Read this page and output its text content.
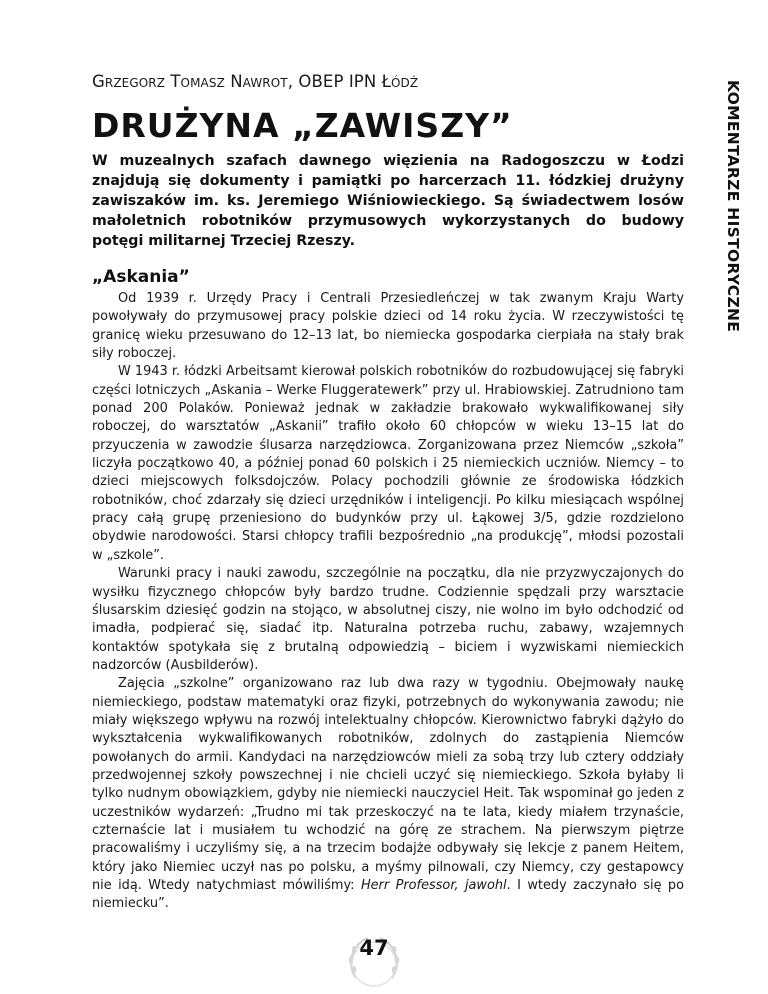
KOMENTARZE HISTORYCZNE
Grzegorz Tomasz Nawrot, OBEP IPN Łódź
DRUŻYNA „ZAWISZY”
W muzealnych szafach dawnego więzienia na Radogoszczu w Łodzi znajdują się dokumenty i pamiątki po harcerzach 11. łódzkiej drużyny zawiszaków im. ks. Jeremiego Wiśniowieckiego. Są świadectwem losów małoletnich robotników przymusowych wykorzystanych do budowy potęgi militarnej Trzeciej Rzeszy.
„Askania”

Od 1939 r. Urzędy Pracy i Centrali Przesiedleńczej w tak zwanym Kraju Warty powoływały do przymusowej pracy polskie dzieci od 14 roku życia. W rzeczywistości tę granicę wieku przesuwano do 12–13 lat, bo niemiecka gospodarka cierpiała na stały brak siły roboczej.

W 1943 r. łódzki Arbeitsamt kierował polskich robotników do rozbudowującej się fabryki części lotniczych „Askania – Werke Fluggeratewerk” przy ul. Hrabiowskiej. Zatrudniono tam ponad 200 Polaków. Ponieważ jednak w zakładzie brakowało wykwalifikowanej siły roboczej, do warsztatów „Askanii” trafiło około 60 chłopców w wieku 13–15 lat do przyuczenia w zawodzie ślusarza narzędziowca. Zorganizowana przez Niemców „szkoła” liczyła początkowo 40, a później ponad 60 polskich i 25 niemieckich uczniów. Niemcy – to dzieci miejscowych folksdojczów. Polacy pochodzili głównie ze środowiska łódzkich robotników, choć zdarzały się dzieci urzędników i inteligencji. Po kilku miesiącach wspólnej pracy całą grupę przeniesiono do budynków przy ul. Łąkowej 3/5, gdzie rozdzielono obydwie narodowości. Starsi chłopcy trafili bezpośrednio „na produkcję”, młodsi pozostali w „szkole”.

Warunki pracy i nauki zawodu, szczególnie na początku, dla nie przyzwyczajonych do wysiłku fizycznego chłopców były bardzo trudne. Codziennie spędzali przy warsztacie ślusarskim dziesięć godzin na stojąco, w absolutnej ciszy, nie wolno im było odchodzić od imadła, podpierać się, siadać itp. Naturalna potrzeba ruchu, zabawy, wzajemnych kontaktów spotykała się z brutalną odpowiedzią – biciem i wyzwiskami niemieckich nadzorców (Ausbilderów).

Zajęcia „szkolne” organizowano raz lub dwa razy w tygodniu. Obejmowały naukę niemieckiego, podstaw matematyki oraz fizyki, potrzebnych do wykonywania zawodu; nie miały większego wpływu na rozwój intelektualny chłopców. Kierownictwo fabryki dążyło do wykształcenia wykwalifikowanych robotników, zdolnych do zastąpienia Niemców powołanych do armii. Kandydaci na narzędziowców mieli za sobą trzy lub cztery oddziały przedwojennej szkoły powszechnej i nie chcieli uczyć się niemieckiego. Szkoła byłaby li tylko nudnym obowiązkiem, gdyby nie niemiecki nauczyciel Heit. Tak wspominał go jeden z uczestników wydarzeń: „Trudno mi tak przeskoczyć na te lata, kiedy miałem trzynaście, czternaście lat i musiałem tu wchodzić na górę ze strachem. Na pierwszym piętrze pracowaliśmy i uczyliśmy się, a na trzecim bodajże odbywały się lekcje z panem Heitem, który jako Niemiec uczył nas po polsku, a myśmy pilnowali, czy Niemcy, czy gestapowcy nie idą. Wtedy natychmiast mówiliśmy: Herr Professor, jawohl. I wtedy zaczynało się po niemiecku”.

47
